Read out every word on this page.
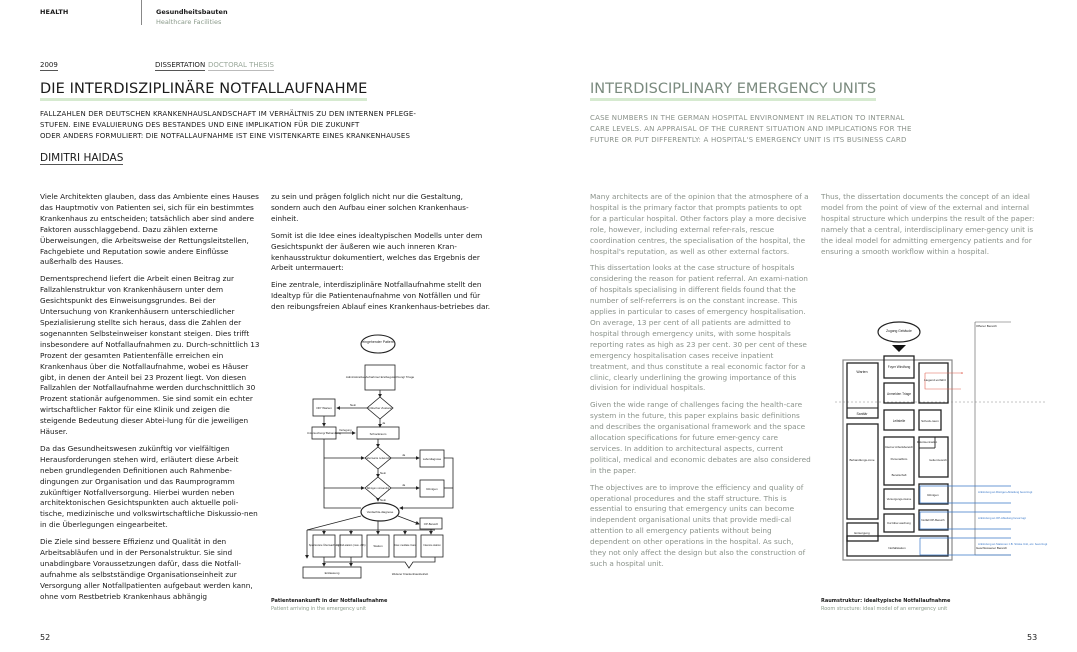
HEALTH	Gesundheitsbauten
Healthcare Facilities
2009	DISSERTATION DOCTORAL THESIS
DIE INTERDISZIPLINÄRE NOTFALLAUFNAHME	INTERDISCIPLINARY EMERGENCY UNITS
FALLZAHLEN DER DEUTSCHEN KRANKENHAUSLANDSCHAFT IM VERHÄLTNIS ZU DEN INTERNEN PFLEGE-
STUFEN. EINE EVALUIERUNG DES BESTANDES UND EINE IMPLIKATION FÜR DIE ZUKUNFT
ODER ANDERS FORMULIERT: DIE NOTFALLAUFNAHME IST EINE VISITENKARTE EINES KRANKENHAUSES
CASE NUMBERS IN THE GERMAN HOSPITAL ENVIRONMENT IN RELATION TO INTERNAL
CARE LEVELS. AN APPRAISAL OF THE CURRENT SITUATION AND IMPLICATIONS FOR THE
FUTURE OR PUT DIFFERENTLY: A HOSPITAL'S EMERGENCY UNIT IS ITS BUSINESS CARD
DIMITRI HAIDAS

Viele Architekten glauben, dass das Ambiente eines Hauses das Hauptmotiv von Patienten sei, sich für ein bestimmtes Krankenhaus zu entscheiden; tatsächlich aber sind andere Faktoren ausschlaggebend. Dazu zählen externe Überweisungen, die Arbeitsweise der Rettungsleitstellen, Fachgebiete und Reputation sowie andere Einflüsse außerhalb des Hauses.

Dementsprechend liefert die Arbeit einen Beitrag zur Fallzahlenstruktur von Krankenhäusern unter dem Gesichtspunkt des Einweisungsgrundes. Bei der Untersuchung von Krankenhäusern unterschiedlicher Spezialisierung stellte sich heraus, dass die Zahlen der sogenannten Selbsteinweiser konstant steigen. Dies trifft insbesondere auf Notfallaufnahmen zu. Durch-schnittlich 13 Prozent der gesamten Patientenfälle erreichen ein Krankenhaus über die Notfallaufnahme, wobei es Häuser gibt, in denen der Anteil bei 23 Prozent liegt. Von diesen Fallzahlen der Notfallaufnahme werden durchschnittlich 30 Prozent stationär aufgenommen. Sie sind somit ein echter wirtschaftlicher Faktor für eine Klinik und zeigen die steigende Bedeutung dieser Abtei-lung für die jeweiligen Häuser.

Da das Gesundheitswesen zukünftig vor vielfältigen Herausforderungen stehen wird, erläutert diese Arbeit neben grundlegenden Definitionen auch Rahmenbe-dingungen zur Organisation und das Raumprogramm zukünftiger Notfallversorgung. Hierbei wurden neben architektonischen Gesichtspunkten auch aktuelle poli-tische, medizinische und volkswirtschaftliche Diskussio-nen in die Überlegungen eingearbeitet.

Die Ziele sind bessere Effizienz und Qualität in den Arbeitsabläufen und in der Personalstruktur. Sie sind unabdingbare Voraussetzungen dafür, dass die Notfall-aufnahme als selbstständige Organisationseinheit zur Versorgung aller Notfallpatienten aufgebaut werden kann, ohne vom Restbetrieb Krankenhaus abhängig

zu sein und prägen folglich nicht nur die Gestaltung, sondern auch den Aufbau einer solchen Krankenhaus-einheit.

Somit ist die Idee eines idealtypischen Modells unter dem Gesichtspunkt der äußeren wie auch inneren Kran-kenhausstruktur dokumentiert, welches das Ergebnis der Arbeit untermauert:

Eine zentrale, interdisziplinäre Notfallaufnahme stellt den Idealtyp für die Patientenaufnahme von Notfällen und für den reibungsfreien Ablauf eines Krankenhaus-betriebes dar.

Many architects are of the opinion that the atmosphere of a hospital is the primary factor that prompts patients to opt for a particular hospital. Other factors play a more decisive role, however, including external refer-rals, rescue coordination centres, the specialisation of the hospital, the hospital's reputation, as well as other external factors.

This dissertation looks at the case structure of hospitals considering the reason for patient referral. An exami-nation of hospitals specialising in different fields found that the number of self-referrers is on the constant increase. This applies in particular to cases of emergency hospitalisation. On average, 13 per cent of all patients are admitted to hospital through emergency units, with some hospitals reporting rates as high as 23 per cent. 30 per cent of these emergency hospitalisation cases receive inpatient treatment, and thus constitute a real economic factor for a clinic, clearly underlining the growing importance of this division for individual hospitals.

Given the wide range of challenges facing the health-care system in the future, this paper explains basic definitions and describes the organisational framework and the space allocation specifications for future emer-gency care services. In addition to architectural aspects, current political, medical and economic debates are also considered in the paper.

The objectives are to improve the efficiency and quality of operational procedures and the staff structure. This is essential to ensuring that emergency units can become independent organisational units that provide medi-cal attention to all emergency patients without being dependent on other operations in the hospital. As such, they not only affect the design but also the construction of such a hospital unit.

Thus, the dissertation documents the concept of an ideal model from the point of view of the external and internal hospital structure which underpins the result of the paper: namely that a central, interdisciplinary emer-gency unit is the ideal model for admitting emergency patients and for ensuring a smooth workflow within a hospital.

eingehender Patient
Administrative Aufnahme/ Erstbegutachtung/ Triage
Kritischer Zustand
Nein
OP/ Warten
Untersuchung/ Behandlung
Verlegung
Ja
Schockraum
Laborwerte notwendig
Ja
Labordiagnose
Nein
Röntgen notwendig
Ja
Röntgen
Nein
Verdachts-diagnose
OP-Bereich
Speziel-lere Überwachung
Notfall-station (max. 24h)	Station	Inter-mediate Care	Intensiv-station
Entlassung	Weiterer Krankenhausbetrieb
Patientenankunft in der Notfallaufnahme
Patient arriving in the emergency unit
Zugang Gebäude
Offener Bereich
Geschlossener Bereich
Warten
Sanitär
Foyer Windfang
Anmelden Triage
Liegend-vorfahrt
Leitstelle	Schock-raum
Behandlungs-zone
Interner Arbeitsbereich
Personalbüro
Bereitschaft
Dekonta-mination
Isolier-bereich
Versorgungs-räume
Röntgen
Entsorgung
Notfall OP-Bereich
Kurzüber-wachung
Notfallstation
Anbindung an Röntgen-Abteilung bevorzugt
Anbindung an OP-Abteilung bevorzugt
Anbindung an Stationen z.B. Stroke Unit, etc. bevorzugt
Raumstruktur: idealtypische Notfallaufnahme
Room structure: ideal model of an emergency unit
52	53
